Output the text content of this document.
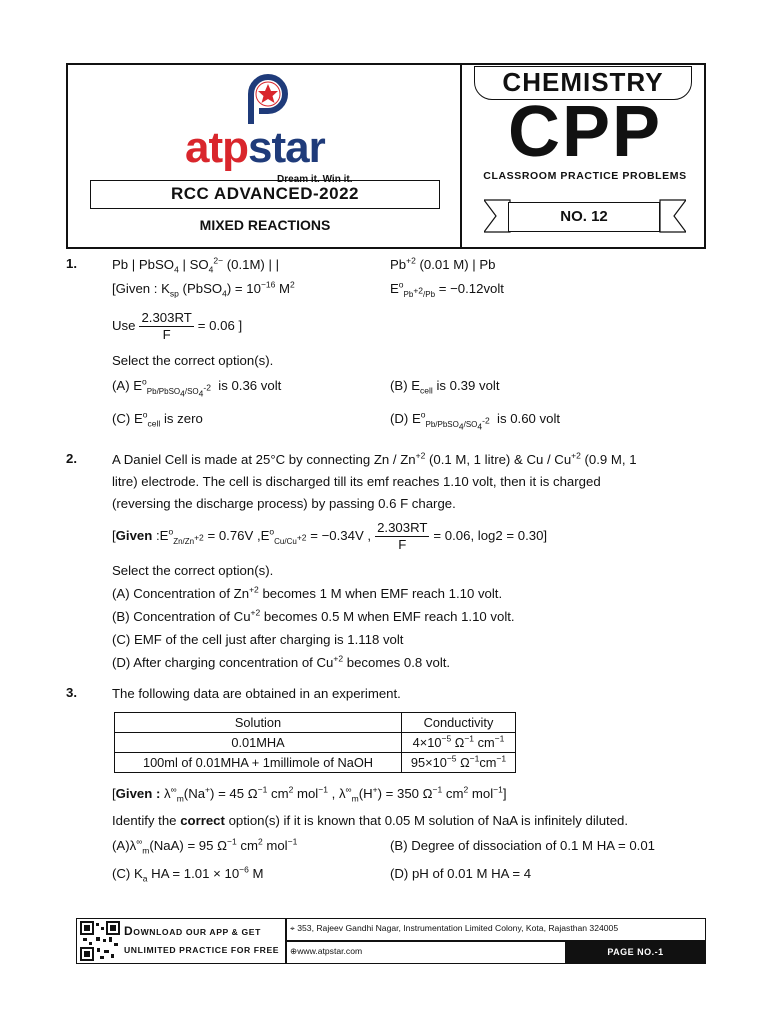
atpstar
Dream it. Win it.
RCC ADVANCED-2022
MIXED REACTIONS
CHEMISTRY
CPP
CLASSROOM PRACTICE PROBLEMS
NO. 12
1.	Pb | PbSO$_4$ | $SO_4^{2-}$ (0.1M) | |	$Pb^{+2}$ (0.01 M) | Pb
[Given : $K_{sp}$ (PbSO$_4$) = $10^{-16}$ $M^2$	$E^o_{Pb^{+2}/Pb}$ = −0.12volt
Use $\frac{2.303RT}{F} = 0.06$ ]
Select the correct option(s).
(A) $E^o_{Pb/PbSO_4/SO_4^{-2}}$ is 0.36 volt	(B) $E_{cell}$ is 0.39 volt
(C) $E^o_{cell}$ is zero	(D) $E^o_{Pb/PbSO_4/SO_4^{-2}}$ is 0.60 volt
2.	A Daniel Cell is made at 25°C by connecting Zn / $Zn^{+2}$ (0.1 M, 1 litre) & Cu / $Cu^{+2}$ (0.9 M, 1
litre) electrode. The cell is discharged till its emf reaches 1.10 volt, then it is charged
(reversing the discharge process) by passing 0.6 F charge.
[Given $:E^o_{Zn/Zn^{+2}} = 0.76V$ $,E^o_{Cu/Cu^{+2}} = -0.34V$ , $\frac{2.303RT}{F} = 0.06$, log2 = 0.30]
Select the correct option(s).
(A) Concentration of $Zn^{+2}$ becomes 1 M when EMF reach 1.10 volt.
(B) Concentration of $Cu^{+2}$ becomes 0.5 M when EMF reach 1.10 volt.
(C) EMF of the cell just after charging is 1.118 volt
(D) After charging concentration of $Cu^{+2}$ becomes 0.8 volt.
3.	The following data are obtained in an experiment.
Solution	Conductivity
0.01MHA	$4\times 10^{-5}$ $\Omega^{-1}$ $cm^{-1}$
100ml of 0.01MHA + 1millimole of NaOH	$95\times 10^{-5}$ $\Omega^{-1}cm^{-1}$
[Given : $\lambda^\infty_m(Na^+) = 45$ $\Omega^{-1}$ $cm^2$ mol$^{-1}$ , $\lambda^\infty_m(H^+) = 350$ $\Omega^{-1}$ $cm^2$ mol$^{-1}$]
Identify the correct option(s) if it is known that 0.05 M solution of NaA is infinitely diluted.
$(A)\lambda^\infty_m(NaA) = 95$ $\Omega^{-1}$ $cm^2$ mol$^{-1}$	(B) Degree of dissociation of 0.1 M HA = 0.01
(C) $K_a$ HA = $1.01 \times 10^{-6}$ M	(D) pH of 0.01 M HA = 4
DOWNLOAD OUR APP & GET
UNLIMITED PRACTICE FOR FREE
⌖ 353, Rajeev Gandhi Nagar, Instrumentation Limited Colony, Kota, Rajasthan 324005
⊕www.atpstar.com	PAGE NO.-1
